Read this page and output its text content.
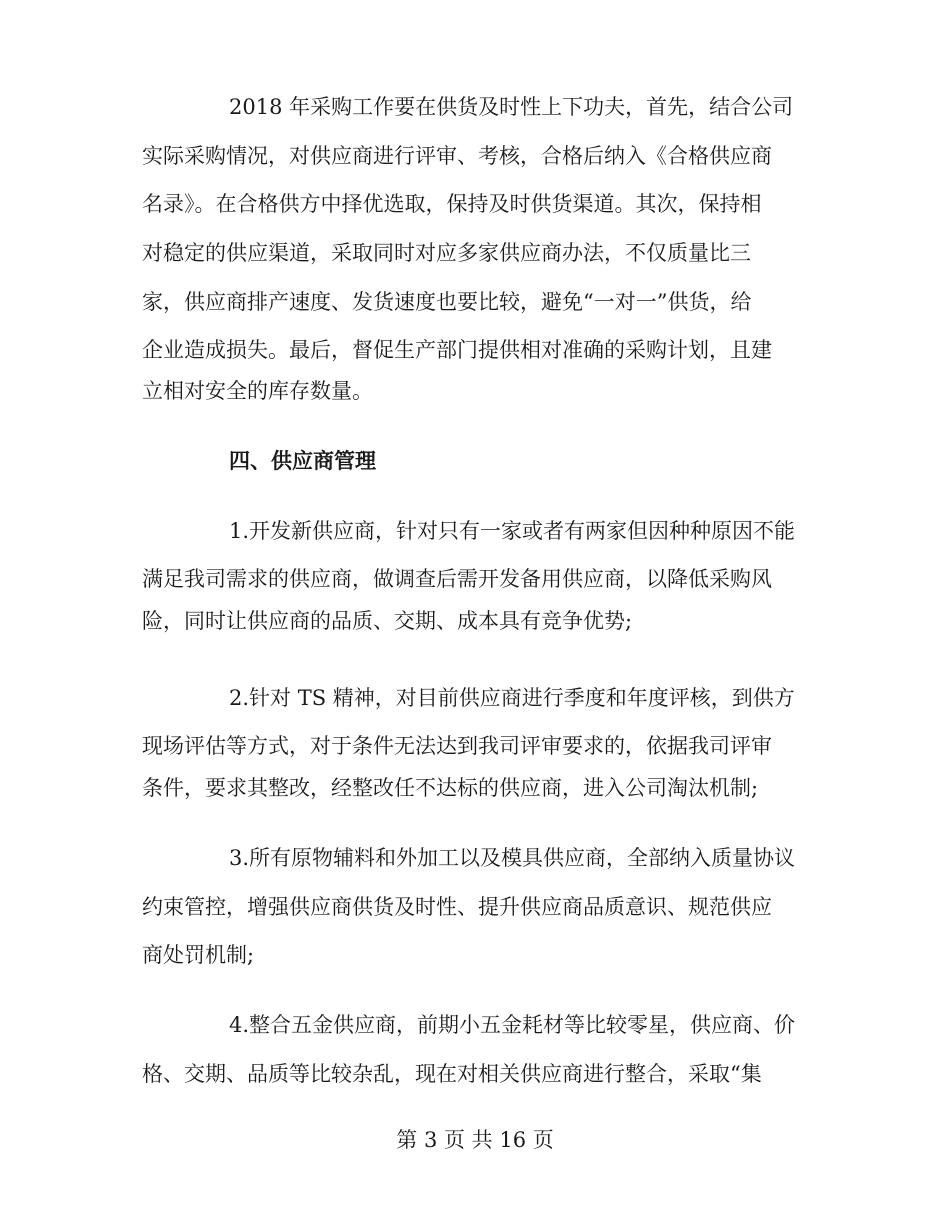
2018 年采购工作要在供货及时性上下功夫，首先，结合公司
实际采购情况，对供应商进行评审、考核，合格后纳入《合格供应商
名录》。在合格供方中择优选取，保持及时供货渠道。其次，保持相
对稳定的供应渠道，采取同时对应多家供应商办法，不仅质量比三
家，供应商排产速度、发货速度也要比较，避免“一对一”供货，给
企业造成损失。最后，督促生产部门提供相对准确的采购计划，且建
立相对安全的库存数量。
四、供应商管理
1.开发新供应商，针对只有一家或者有两家但因种种原因不能
满足我司需求的供应商，做调查后需开发备用供应商，以降低采购风
险，同时让供应商的品质、交期、成本具有竞争优势;
2.针对 TS 精神，对目前供应商进行季度和年度评核，到供方
现场评估等方式，对于条件无法达到我司评审要求的，依据我司评审
条件，要求其整改，经整改任不达标的供应商，进入公司淘汰机制;
3.所有原物辅料和外加工以及模具供应商，全部纳入质量协议
约束管控，增强供应商供货及时性、提升供应商品质意识、规范供应
商处罚机制;
4.整合五金供应商，前期小五金耗材等比较零星，供应商、价
格、交期、品质等比较杂乱，现在对相关供应商进行整合，采取“集
第 3 页 共 16 页
